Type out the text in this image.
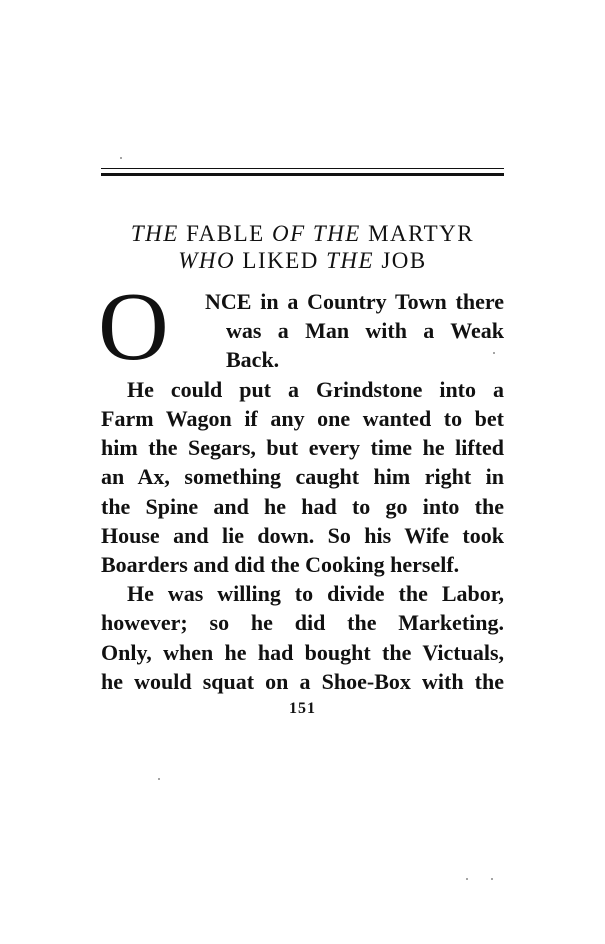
THE FABLE OF THE MARTYR
WHO LIKED THE JOB
O NCE in a Country Town there
was a Man with a Weak
Back.
He could put a Grindstone into a
Farm Wagon if any one wanted to bet
him the Segars, but every time he lifted
an Ax, something caught him right in
the Spine and he had to go into the
House and lie down. So his Wife took
Boarders and did the Cooking herself.
He was willing to divide the Labor,
however; so he did the Marketing.
Only, when he had bought the Victuals,
he would squat on a Shoe-Box with the
151
